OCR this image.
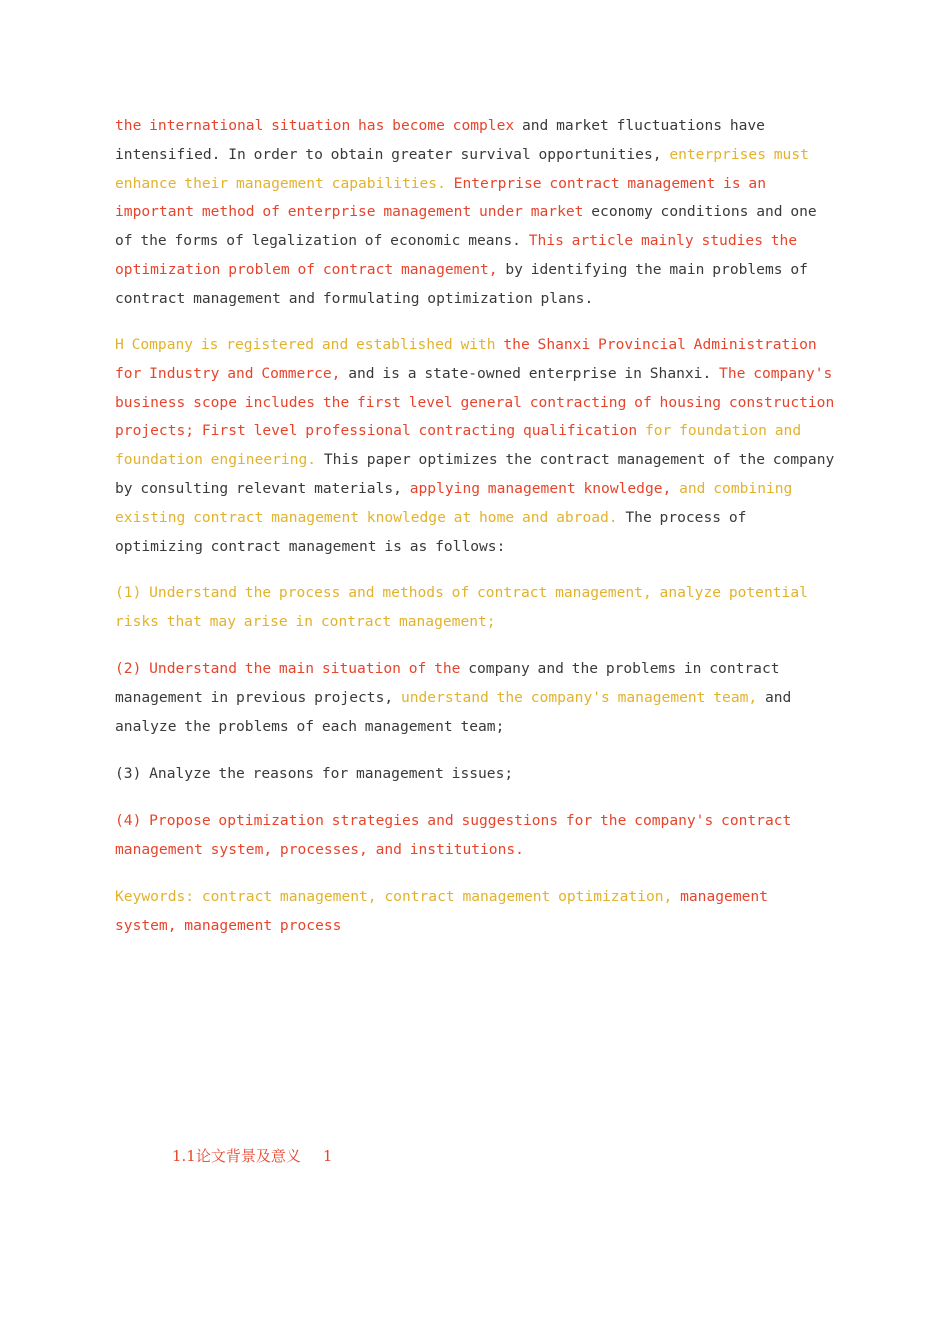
the international situation has become complex and market fluctuations have intensified. In order to obtain greater survival opportunities, enterprises must enhance their management capabilities. Enterprise contract management is an important method of enterprise management under market economy conditions and one of the forms of legalization of economic means. This article mainly studies the optimization problem of contract management, by identifying the main problems of contract management and formulating optimization plans.

H Company is registered and established with the Shanxi Provincial Administration for Industry and Commerce, and is a state-owned enterprise in Shanxi. The company's business scope includes the first level general contracting of housing construction projects; First level professional contracting qualification for foundation and foundation engineering. This paper optimizes the contract management of the company by consulting relevant materials, applying management knowledge, and combining existing contract management knowledge at home and abroad. The process of optimizing contract management is as follows:

(1) Understand the process and methods of contract management, analyze potential risks that may arise in contract management;

(2) Understand the main situation of the company and the problems in contract management in previous projects, understand the company's management team, and analyze the problems of each management team;

(3) Analyze the reasons for management issues;

(4) Propose optimization strategies and suggestions for the company's contract management system, processes, and institutions.

Keywords: contract management, contract management optimization, management system, management process

1.1论文背景及意义 1
